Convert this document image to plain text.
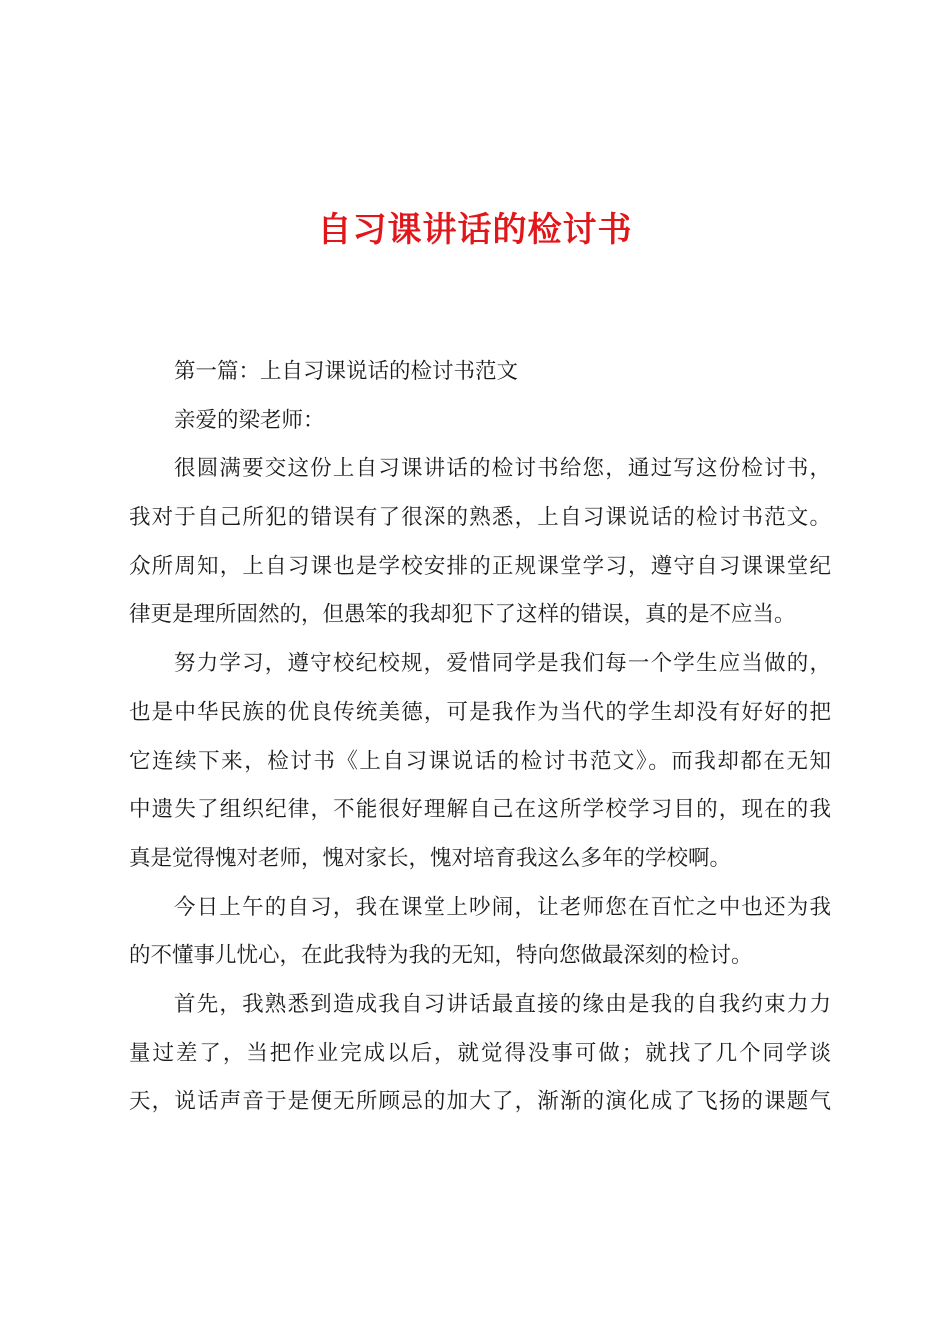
自习课讲话的检讨书
第一篇：上自习课说话的检讨书范文
亲爱的梁老师：
很圆满要交这份上自习课讲话的检讨书给您，通过写这份检讨书，
我对于自己所犯的错误有了很深的熟悉，上自习课说话的检讨书范文。
众所周知，上自习课也是学校安排的正规课堂学习，遵守自习课课堂纪
律更是理所固然的，但愚笨的我却犯下了这样的错误，真的是不应当。
努力学习，遵守校纪校规，爱惜同学是我们每一个学生应当做的，
也是中华民族的优良传统美德，可是我作为当代的学生却没有好好的把
它连续下来，检讨书《上自习课说话的检讨书范文》。而我却都在无知
中遗失了组织纪律，不能很好理解自己在这所学校学习目的，现在的我
真是觉得愧对老师，愧对家长，愧对培育我这么多年的学校啊。
今日上午的自习，我在课堂上吵闹，让老师您在百忙之中也还为我
的不懂事儿忧心，在此我特为我的无知，特向您做最深刻的检讨。
首先，我熟悉到造成我自习讲话最直接的缘由是我的自我约束力力
量过差了，当把作业完成以后，就觉得没事可做；就找了几个同学谈
天，说话声音于是便无所顾忌的加大了，渐渐的演化成了飞扬的课题气
